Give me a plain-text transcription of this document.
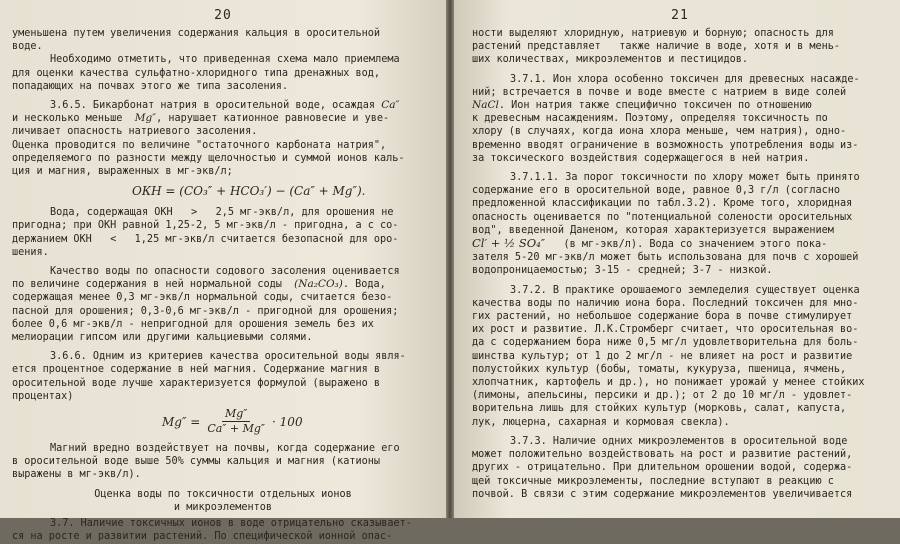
20

уменьшена путем увеличения содержания кальция в оросительной

воде.

Необходимо отметить, что приведенная схема мало приемлема

для оценки качества сульфатно-хлоридного типа дренажных вод,

попадающих на почвах этого же типа засоления.

3.6.5. Бикарбонат натрия в оросительной воде, осаждая Ca″

и несколько меньше Mg″, нарушает катионное равновесие и уве-

личивает опасность натриевого засоления.

Оценка проводится по величине "остаточного карбоната натрия",

определяемого по разности между щелочностью и суммой ионов каль-

ция и магния, выраженных в мг-экв/л;

ОКН = (CO₃″ + HCO₃′) − (Ca″ + Mg″).

Вода, содержащая ОКН   >   2,5 мг-экв/л, для орошения не

пригодна; при ОКН равной 1,25-2, 5 мг-экв/л - пригодна, а с со-

держанием ОКН   <   1,25 мг-экв/л считается безопасной для оро-

шения.

Качество воды по опасности содового засоления оценивается

по величине содержания в ней нормальной соды (Na₂CO₃). Вода,

содержащая менее 0,3 мг-экв/л нормальной соды, считается безо-

пасной для орошения; 0,3-0,6 мг-экв/л - пригодной для орошения;

более 0,6 мг-экв/л - непригодной для орошения земель без их

мелиорации гипсом или другими кальциевыми солями.

3.6.6. Одним из критериев качества оросительной воды явля-

ется процентное содержание в ней магния. Содержание магния в

оросительной воде лучше характеризуется формулой (выражено в

процентах)

$Mg'' = \frac{Mg''}{Ca'' + Mg''} \cdot 100$

Магний вредно воздействует на почвы, когда содержание его

в оросительной воде выше 50% суммы кальция и магния (катионы

выражены в мг-экв/л).

Оценка воды по токсичности отдельных ионов

и микроэлементов

3.7. Наличие токсичных ионов в воде отрицательно сказывает-

ся на росте и развитии растений. По специфической ионной опас-

21

ности выделяют хлоридную, натриевую и борную; опасность для

растений представляет   также наличие в воде, хотя и в мень-

ших количествах, микроэлементов и пестицидов.

3.7.1. Ион хлора особенно токсичен для древесных насажде-

ний; встречается в почве и воде вместе с натрием в виде солей

NaCl. Ион натрия также специфично токсичен по отношению

к древесным насаждениям. Поэтому, определяя токсичность по

хлору (в случаях, когда иона хлора меньше, чем натрия), одно-

временно вводят ограничение в возможность употребления воды из-

за токсического воздействия содержащегося в ней натрия.

3.7.1.1. За порог токсичности по хлору может быть принято

содержание его в оросительной воде, равное 0,3 г/л (согласно

предложенной классификации по табл.3.2). Кроме того, хлоридная

опасность оценивается по "потенциальной солености оросительных

вод", введенной Даненом, которая характеризуется выражением

Cl′ + ½ SO₄″ (в мг-экв/л). Вода со значением этого пока-

зателя 5-20 мг-экв/л может быть использована для почв с хорошей

водопроницаемостью; 3-15 - средней; 3-7 - низкой.

3.7.2. В практике орошаемого земледелия существует оценка

качества воды по наличию иона бора. Последний токсичен для мно-

гих растений, но небольшое содержание бора в почве стимулирует

их рост и развитие. Л.К.Стромберг считает, что оросительная во-

да с содержанием бора ниже 0,5 мг/л удовлетворительна для боль-

шинства культур; от 1 до 2 мг/л - не влияет на рост и развитие

полустойких культур (бобы, томаты, кукуруза, пшеница, ячмень,

хлопчатник, картофель и др.), но понижает урожай у менее стойких

(лимоны, апельсины, персики и др.); от 2 до 10 мг/л - удовлет-

ворительна лишь для стойких культур (морковь, салат, капуста,

лук, люцерна, сахарная и кормовая свекла).

3.7.3. Наличие одних микроэлементов в оросительной воде

может положительно воздействовать на рост и развитие растений,

других - отрицательно. При длительном орошении водой, содержа-

щей токсичные микроэлементы, последние вступают в реакцию с

почвой. В связи с этим содержание микроэлементов увеличивается
